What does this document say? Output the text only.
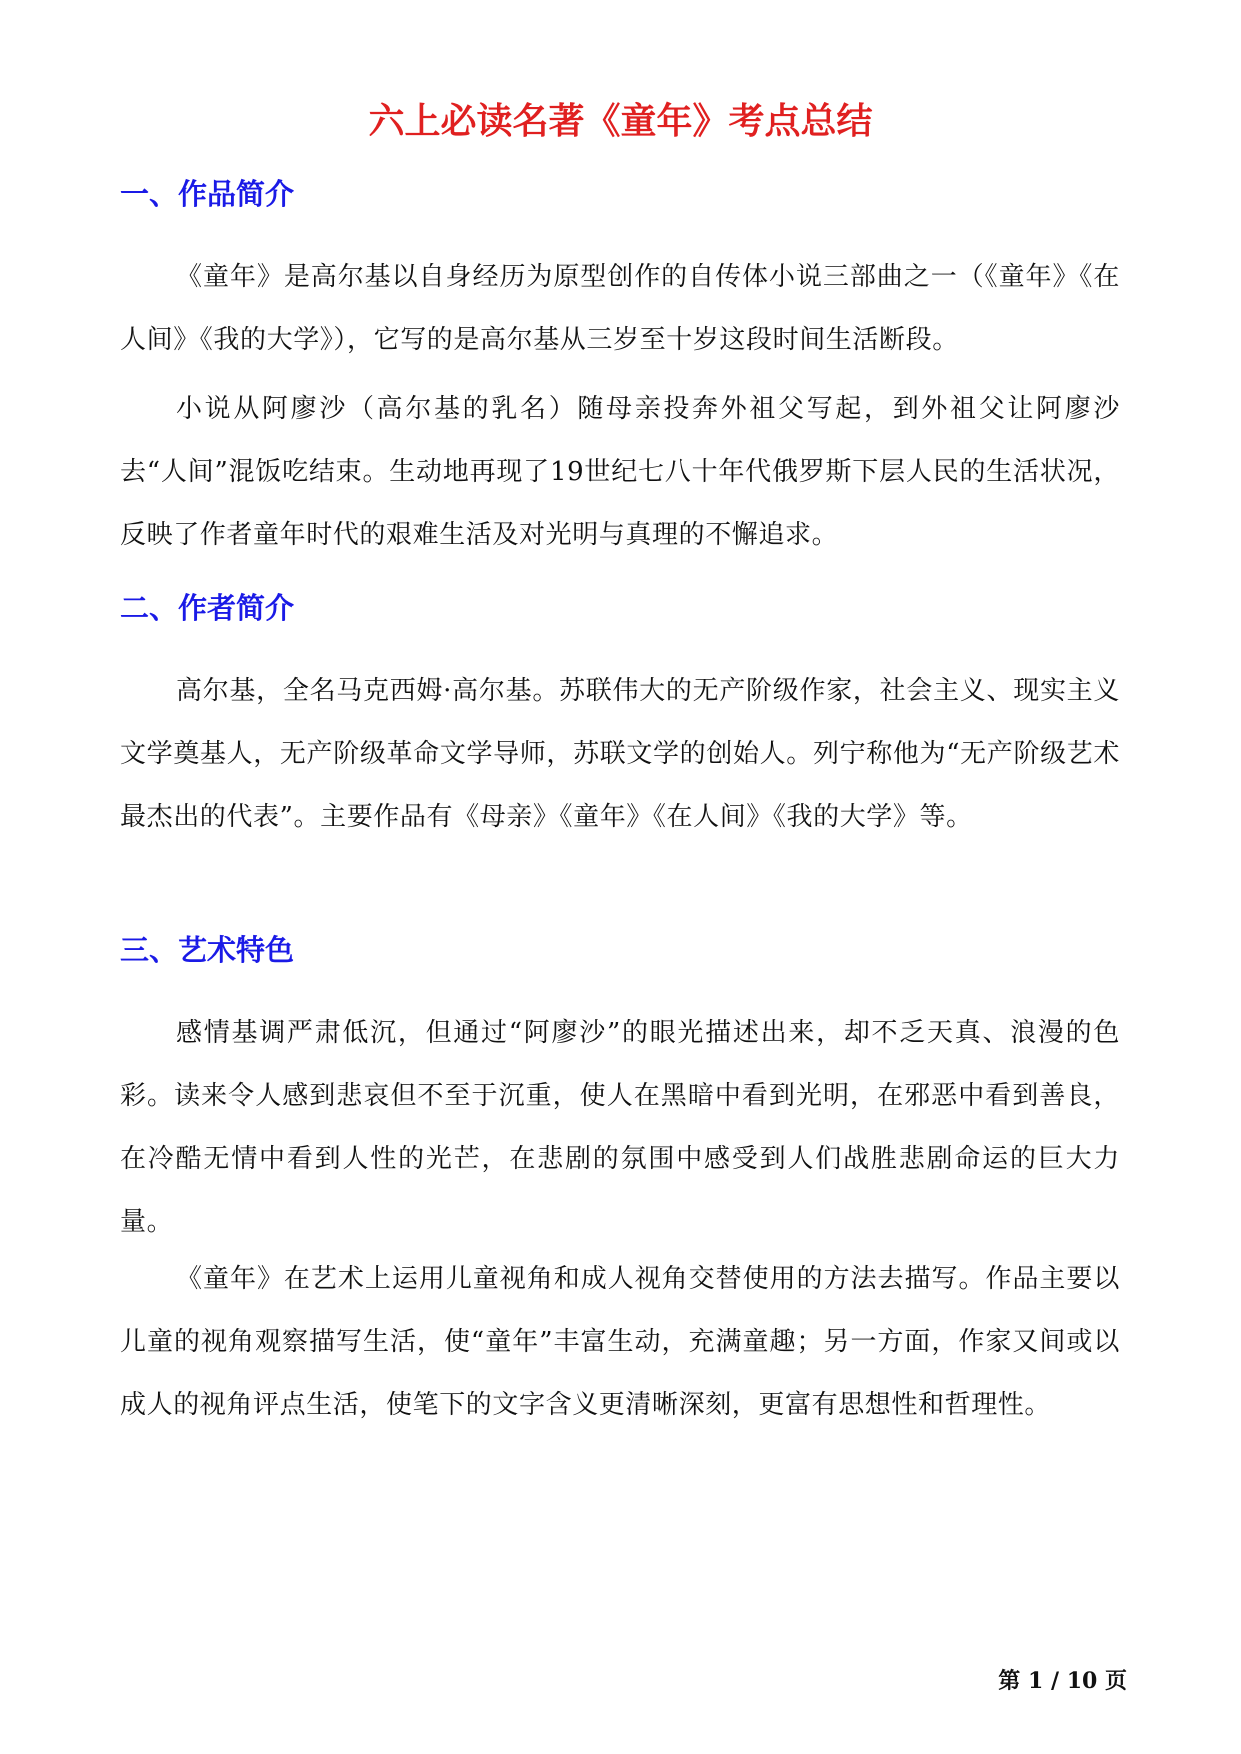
六上必读名著《童年》考点总结
一、作品简介

《童年》是高尔基以自身经历为原型创作的自传体小说三部曲之一（《童年》《在人间》《我的大学》），它写的是高尔基从三岁至十岁这段时间生活断段。

小说从阿廖沙（高尔基的乳名）随母亲投奔外祖父写起，到外祖父让阿廖沙去“人间”混饭吃结束。生动地再现了19世纪七八十年代俄罗斯下层人民的生活状况，反映了作者童年时代的艰难生活及对光明与真理的不懈追求。

二、作者简介

高尔基，全名马克西姆·高尔基。苏联伟大的无产阶级作家，社会主义、现实主义文学奠基人，无产阶级革命文学导师，苏联文学的创始人。列宁称他为“无产阶级艺术最杰出的代表”。主要作品有《母亲》《童年》《在人间》《我的大学》等。

三、艺术特色

感情基调严肃低沉，但通过“阿廖沙”的眼光描述出来，却不乏天真、浪漫的色彩。读来令人感到悲哀但不至于沉重，使人在黑暗中看到光明，在邪恶中看到善良，在冷酷无情中看到人性的光芒，在悲剧的氛围中感受到人们战胜悲剧命运的巨大力量。

《童年》在艺术上运用儿童视角和成人视角交替使用的方法去描写。作品主要以儿童的视角观察描写生活，使“童年”丰富生动，充满童趣；另一方面，作家又间或以成人的视角评点生活，使笔下的文字含义更清晰深刻，更富有思想性和哲理性。

第 1 / 10 页
